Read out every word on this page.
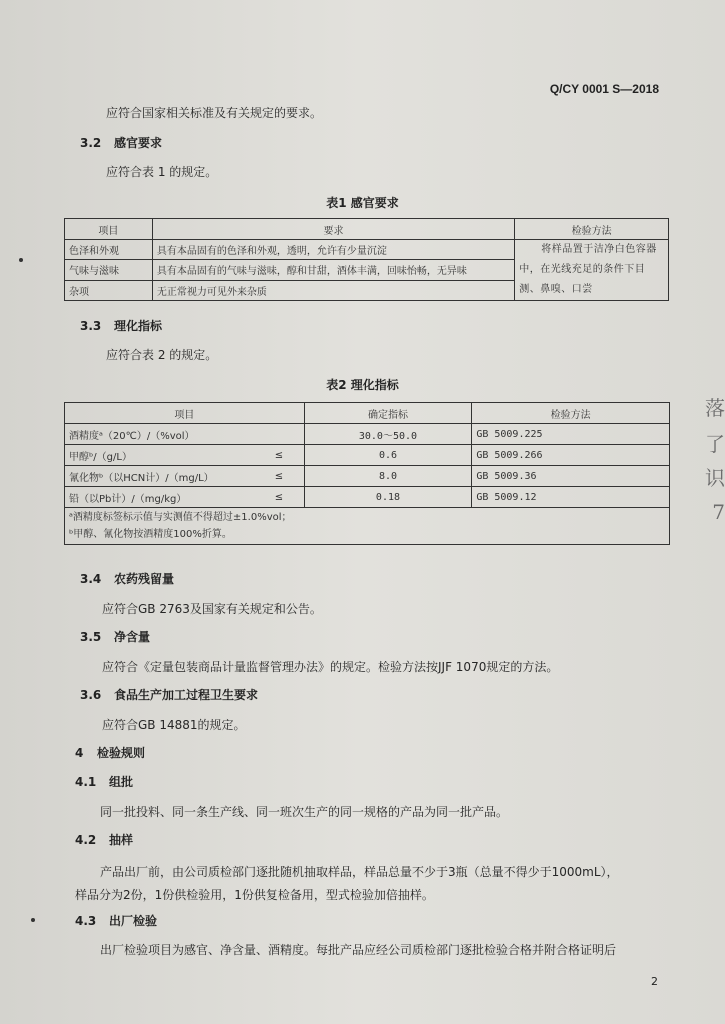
Q/CY 0001 S—2018
应符合国家相关标准及有关规定的要求。
3.2 感官要求
应符合表 1 的规定。
表1 感官要求
项目	要求	检验方法
色泽和外观	具有本品固有的色泽和外观，透明，允许有少量沉淀	将样品置于洁净白色容器中，在光线充足的条件下目测、鼻嗅、口尝
气味与滋味	具有本品固有的气味与滋味，醇和甘甜，酒体丰满，回味怡畅，无异味	
杂项	无正常视力可见外来杂质	
3.3 理化指标
应符合表 2 的规定。
表2 理化指标
项目		确定指标	检验方法
酒精度ᵃ（20℃）/（%vol）		30.0～50.0	GB 5009.225
甲醇ᵇ/（g/L）	≤	0.6	GB 5009.266
氰化物ᵇ（以HCN计）/（mg/L）	≤	8.0	GB 5009.36
铅（以Pb计）/（mg/kg）	≤	0.18	GB 5009.12

ᵃ酒精度标签标示值与实测值不得超过±1.0%vol；
ᵇ甲醇、氰化物按酒精度100%折算。			
3.4 农药残留量
应符合GB 2763及国家有关规定和公告。
3.5 净含量
应符合《定量包装商品计量监督管理办法》的规定。检验方法按JJF 1070规定的方法。
3.6 食品生产加工过程卫生要求
应符合GB 14881的规定。
4 检验规则
4.1 组批
同一批投料、同一条生产线、同一班次生产的同一规格的产品为同一批产品。
4.2 抽样
产品出厂前，由公司质检部门逐批随机抽取样品，样品总量不少于3瓶（总量不得少于1000mL），
样品分为2份，1份供检验用，1份供复检备用，型式检验加倍抽样。
4.3 出厂检验
出厂检验项目为感官、净含量、酒精度。每批产品应经公司质检部门逐批检验合格并附合格证明后
2
落
了
识
7
